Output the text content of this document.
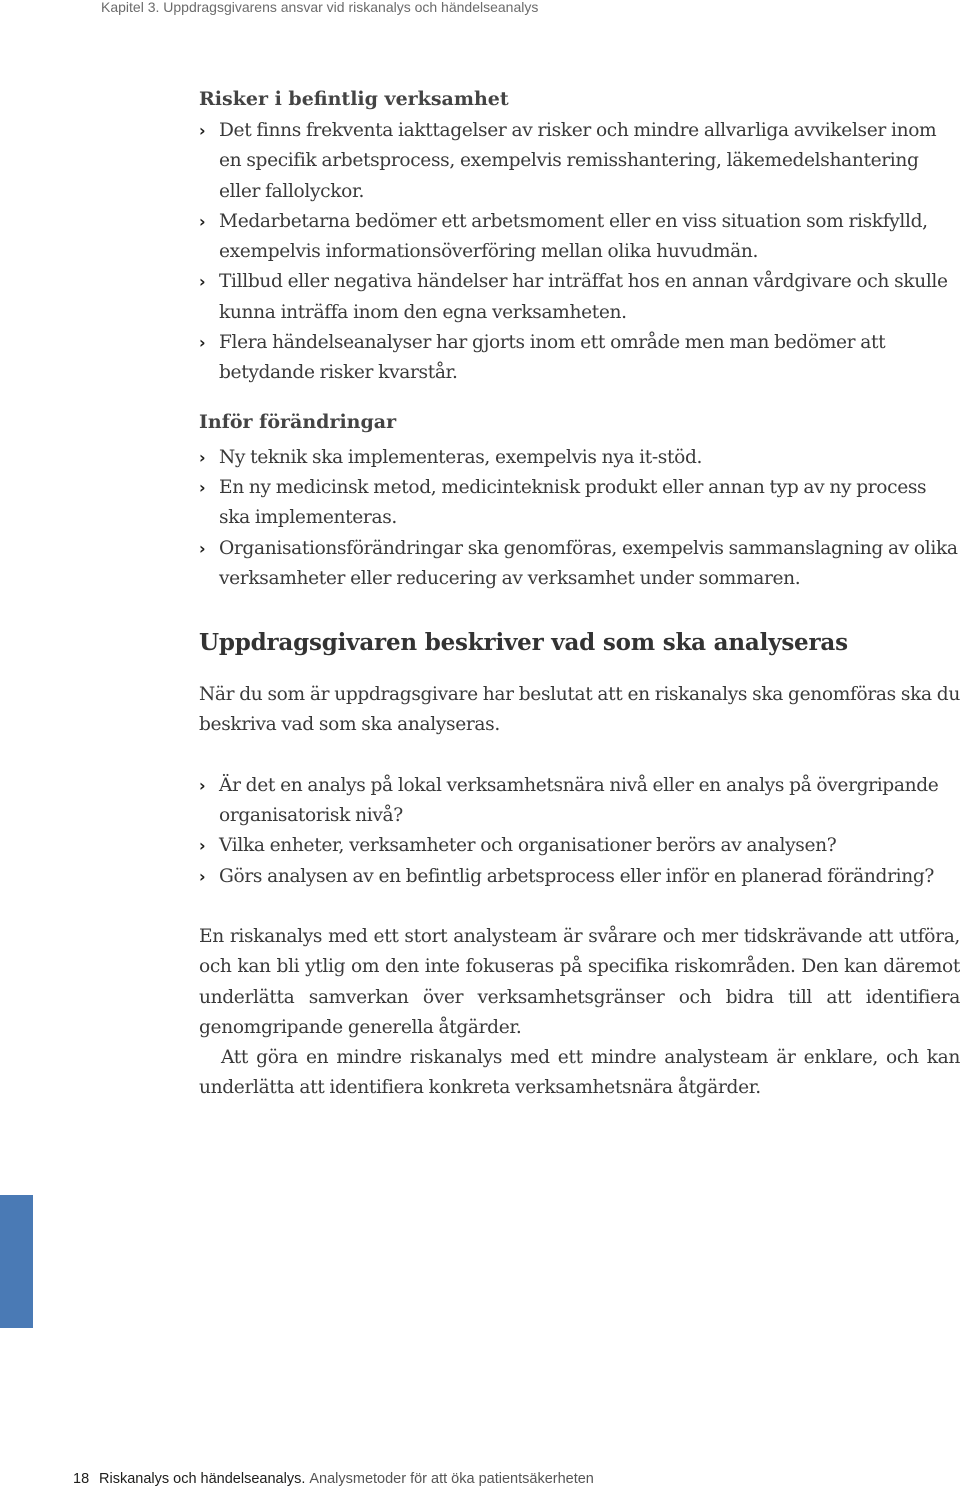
Kapitel 3. Uppdragsgivarens ansvar vid riskanalys och händelseanalys
Risker i befintlig verksamhet
› Det finns frekventa iakttagelser av risker och mindre allvarliga avvikelser inom en specifik arbetsprocess, exempelvis remisshantering, läkemedelshantering eller fallolyckor.
› Medarbetarna bedömer ett arbetsmoment eller en viss situation som riskfylld, exempelvis informationsöverföring mellan olika huvudmän.
› Tillbud eller negativa händelser har inträffat hos en annan vårdgivare och skulle kunna inträffa inom den egna verksamheten.
› Flera händelseanalyser har gjorts inom ett område men man bedömer att betydande risker kvarstår.
Inför förändringar
› Ny teknik ska implementeras, exempelvis nya it-stöd.
› En ny medicinsk metod, medicinteknisk produkt eller annan typ av ny process ska implementeras.
› Organisationsförändringar ska genomföras, exempelvis sammanslagning av olika verksamheter eller reducering av verksamhet under sommaren.
Uppdragsgivaren beskriver vad som ska analyseras

När du som är uppdragsgivare har beslutat att en riskanalys ska genomföras ska du beskriva vad som ska analyseras.

› Är det en analys på lokal verksamhetsnära nivå eller en analys på övergripande organisatorisk nivå?
› Vilka enheter, verksamheter och organisationer berörs av analysen?
› Görs analysen av en befintlig arbetsprocess eller inför en planerad förändring?

En riskanalys med ett stort analysteam är svårare och mer tidskrävande att utföra, och kan bli ytlig om den inte fokuseras på specifika riskområden. Den kan däremot underlätta samverkan över verksamhetsgränser och bidra till att identifiera genomgripande generella åtgärder.

Att göra en mindre riskanalys med ett mindre analysteam är enklare, och kan underlätta att identifiera konkreta verksamhetsnära åtgärder.

18 Riskanalys och händelseanalys. Analysmetoder för att öka patientsäkerheten
